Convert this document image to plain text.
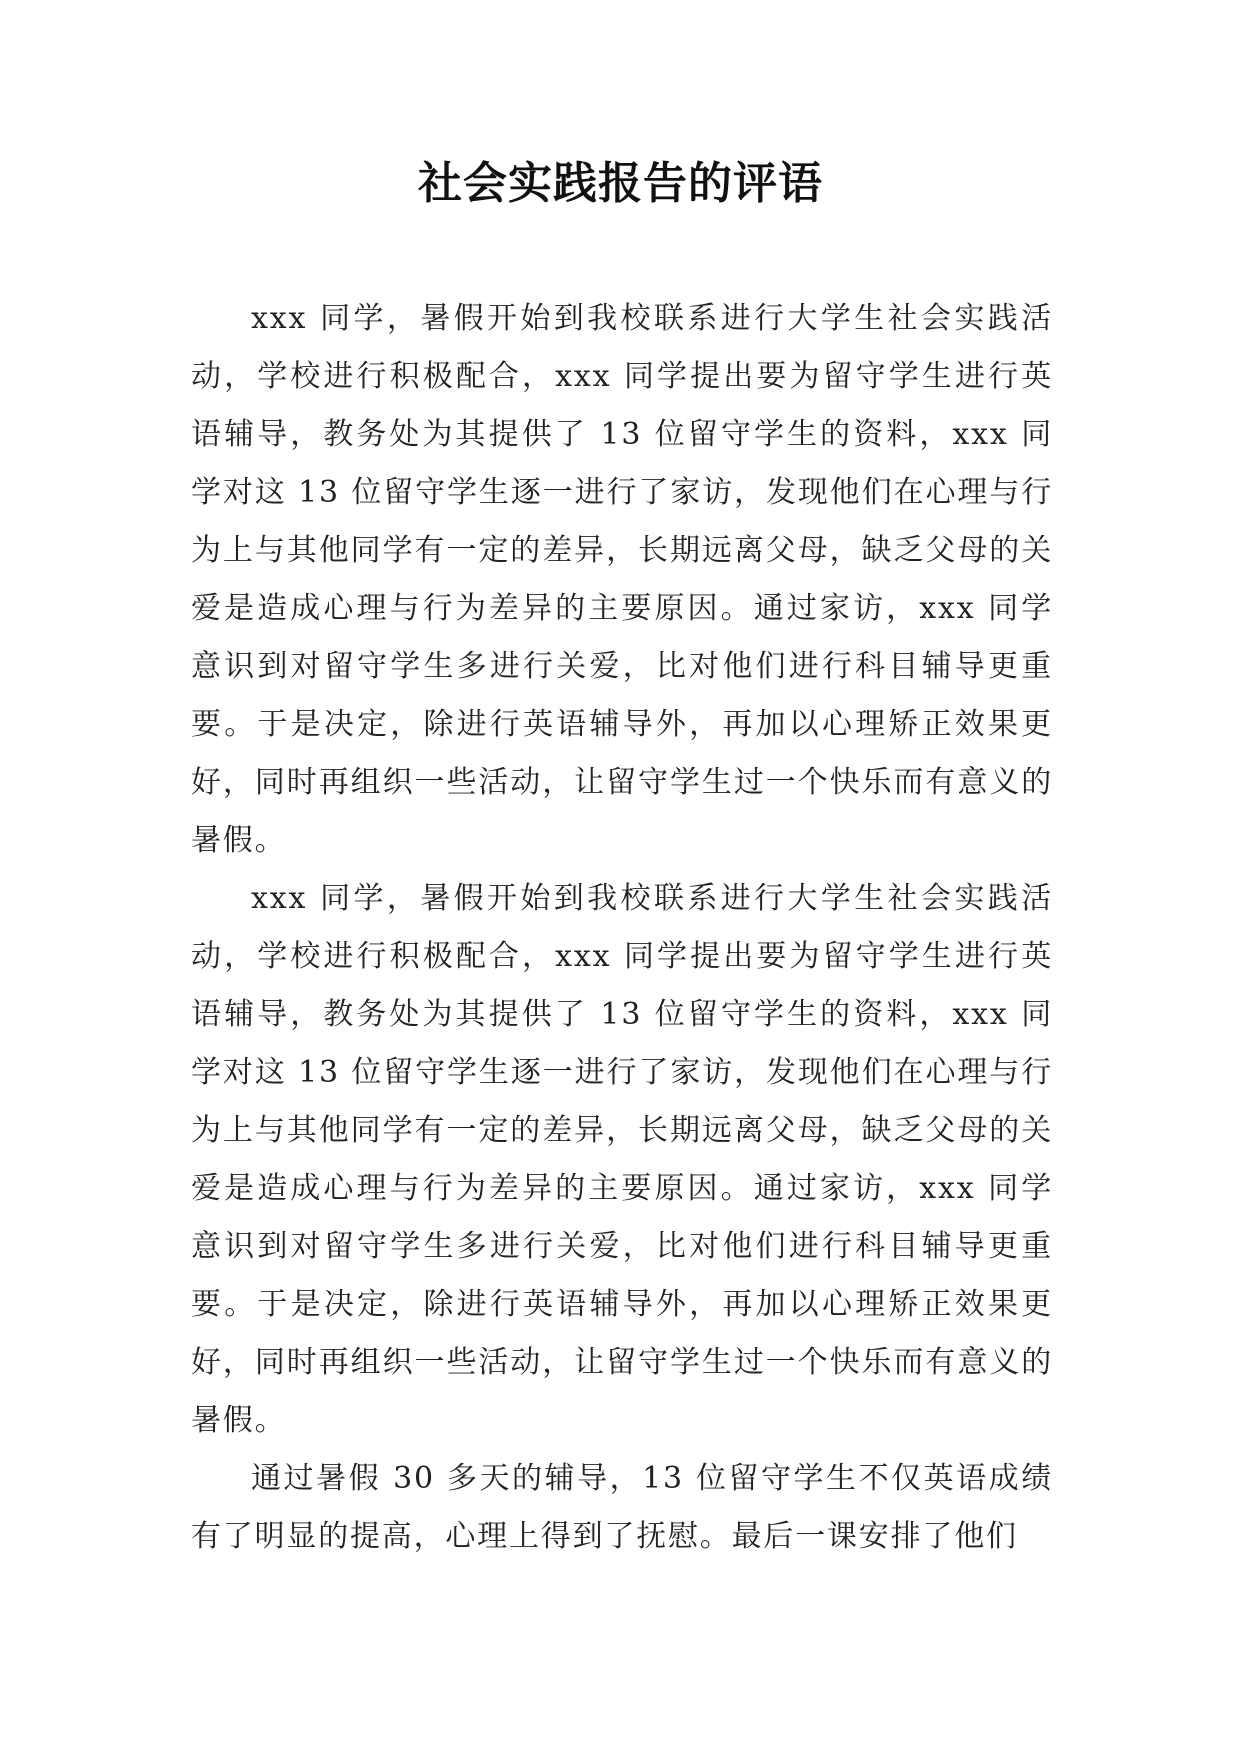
社会实践报告的评语

xxx 同学，暑假开始到我校联系进行大学生社会实践活动，学校进行积极配合，xxx 同学提出要为留守学生进行英语辅导，教务处为其提供了 13 位留守学生的资料，xxx 同学对这 13 位留守学生逐一进行了家访，发现他们在心理与行为上与其他同学有一定的差异，长期远离父母，缺乏父母的关爱是造成心理与行为差异的主要原因。通过家访，xxx 同学意识到对留守学生多进行关爱，比对他们进行科目辅导更重要。于是决定，除进行英语辅导外，再加以心理矫正效果更好，同时再组织一些活动，让留守学生过一个快乐而有意义的暑假。

xxx 同学，暑假开始到我校联系进行大学生社会实践活动，学校进行积极配合，xxx 同学提出要为留守学生进行英语辅导，教务处为其提供了 13 位留守学生的资料，xxx 同学对这 13 位留守学生逐一进行了家访，发现他们在心理与行为上与其他同学有一定的差异，长期远离父母，缺乏父母的关爱是造成心理与行为差异的主要原因。通过家访，xxx 同学意识到对留守学生多进行关爱，比对他们进行科目辅导更重要。于是决定，除进行英语辅导外，再加以心理矫正效果更好，同时再组织一些活动，让留守学生过一个快乐而有意义的暑假。

通过暑假 30 多天的辅导，13 位留守学生不仅英语成绩有了明显的提高，心理上得到了抚慰。最后一课安排了他们
